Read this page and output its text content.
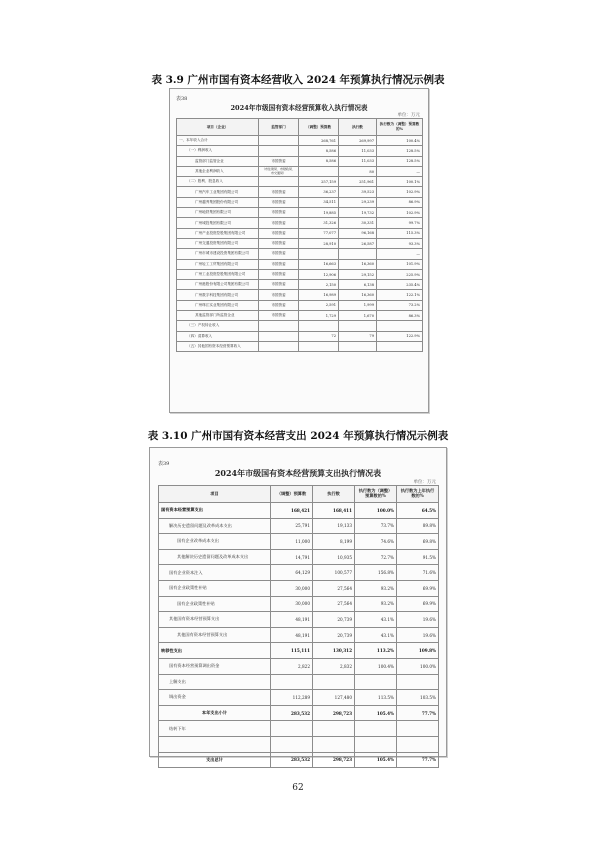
表 3.9 广州市国有资本经营收入 2024 年预算执行情况示例表
表38
2024年市级国有资本经营预算收入执行情况表
单位：万元
项目（企业）	监管部门	（调整）预算数	执行数	执行数为（调整）预算数的%
一、本年收入合计		268,761	269,997	100.4%
（一）利润收入		8,586	11,033	128.5%
监管部门监管企业	市国资委	8,586	11,033	128.5%
其他企业利润收入	（市住建局、市财政局、市交通局）		80	—
（二）股利、股息收入		257,159	251,961	100.1%
广州汽车工业集团有限公司	市国资委	36,237	39,523	102.9%
广州越秀集团股份有限公司	市国资委	34,511	29,239	86.9%
广州地铁集团有限公司	市国资委	19,885	19,732	102.9%
广州城投集团有限公司	市国资委	31,326	30,331	99.7%
广州产业投资控股集团有限公司	市国资委	77,077	96,168	115.3%
广州交通投资集团有限公司	市国资委	28,910	26,587	93.3%
广州市城市建设投资集团有限公司	市国资委			—
广州轻工工贸集团有限公司	市国资委	16,663	16,360	101.9%
广州工业投资控股集团有限公司	市国资委	12,906	29,152	225.9%
广州港股份有限公司集团有限公司	市国资委	2,150	6,138	235.4%
广州数字科技集团有限公司	市国资委	16,989	16,360	122.1%
广州珠江实业集团有限公司	市国资委	2,591	1,999	73.2%
其他监管部门所监管企业	市国资委	1,729	1,670	86.3%
（三）产权转让收入				
（四）清算收入		72	79	122.9%
（五）其他国有资本经营预算收入				
表 3.10 广州市国有资本经营支出 2024 年预算执行情况示例表
表39
2024年市级国有资本经营预算支出执行情况表
单位：万元
项目	（调整）预算数	执行数	执行数为（调整）预算数的%	执行数为上年执行数的%
国有资本经营预算支出	168,421	168,411	100.0%	64.5%
解决历史遗留问题及改革成本支出	25,791	19,133	73.7%	89.8%
国有企业改革成本支出	11,000	8,199	74.6%	69.8%
其他解决历史遗留问题及改革成本支出	14,791	10,935	72.7%	91.5%
国有企业资本注入	64,129	100,577	156.8%	71.6%
国有企业政策性补贴	30,000	27,564	93.2%	69.9%
国有企业政策性补贴	30,000	27,564	93.2%	69.9%
其他国有资本经营预算支出	48,191	20,739	43.1%	19.6%
其他国有资本经营预算支出	48,191	20,739	43.1%	19.6%
转移性支出	115,111	130,312	113.2%	109.8%
国有资本经营预算调出资金	2,822	2,832	100.4%	100.0%
上解支出				
调出资金	112,289	127,480	113.5%	103.5%
本年支出小计	283,532	298,723	105.4%	77.7%
结转下年				

支出总计	283,532	298,723	105.4%	77.7%
62
